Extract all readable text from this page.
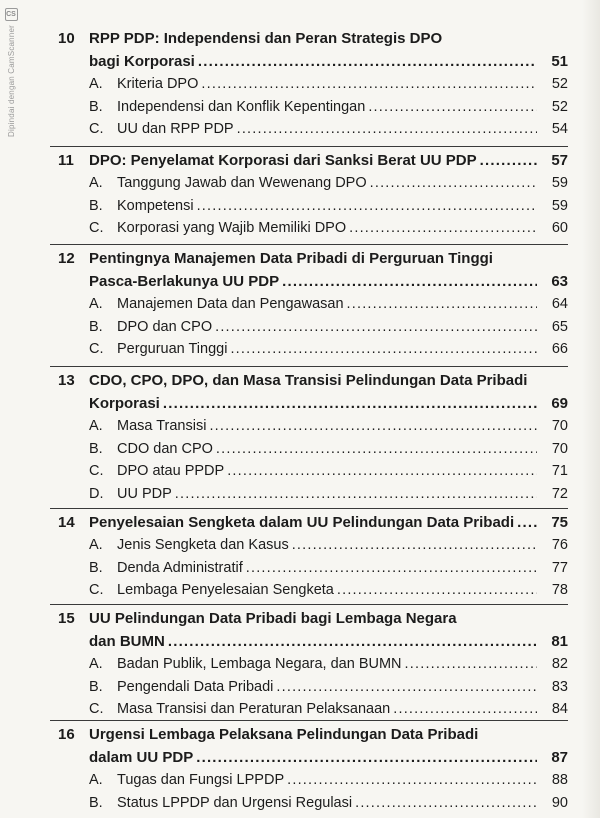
CS
Dipindai dengan CamScanner	10 RPP PDP: Independensi dan Peran Strategis DPO
bagi Korporasi .....	51
A. Kriteria DPO .....	52
B. Independensi dan Konflik Kepentingan .....	52
C. UU dan RPP PDP .....	54
11	DPO: Penyelamat Korporasi dari Sanksi Berat UU PDP .....	57
A. Tanggung Jawab dan Wewenang DPO .....	59
B. Kompetensi .....	59
C. Korporasi yang Wajib Memiliki DPO .....	60
12 Pentingnya Manajemen Data Pribadi di Perguruan Tinggi
Pasca-Berlakunya UU PDP .....	63
A. Manajemen Data dan Pengawasan .....	64
B. DPO dan CPO .....	65
C. Perguruan Tinggi .....	66
13 CDO, CPO, DPO, dan Masa Transisi Pelindungan Data Pribadi
Korporasi .....	69
A. Masa Transisi .....	70
B. CDO dan CPO .....	70
C. DPO atau PPDP .....	71
D. UU PDP .....	72
14 Penyelesaian Sengketa dalam UU Pelindungan Data Pribadi .....	75
A. Jenis Sengketa dan Kasus .....	76
B. Denda Administratif .....	77
C. Lembaga Penyelesaian Sengketa .....	78
15 UU Pelindungan Data Pribadi bagi Lembaga Negara
dan BUMN .....	81
A. Badan Publik, Lembaga Negara, dan BUMN .....	82
B. Pengendali Data Pribadi .....	83
C. Masa Transisi dan Peraturan Pelaksanaan .....	84
16 Urgensi Lembaga Pelaksana Pelindungan Data Pribadi
dalam UU PDP .....	87
A. Tugas dan Fungsi LPPDP .....	88
B. Status LPPDP dan Urgensi Regulasi .....	90
